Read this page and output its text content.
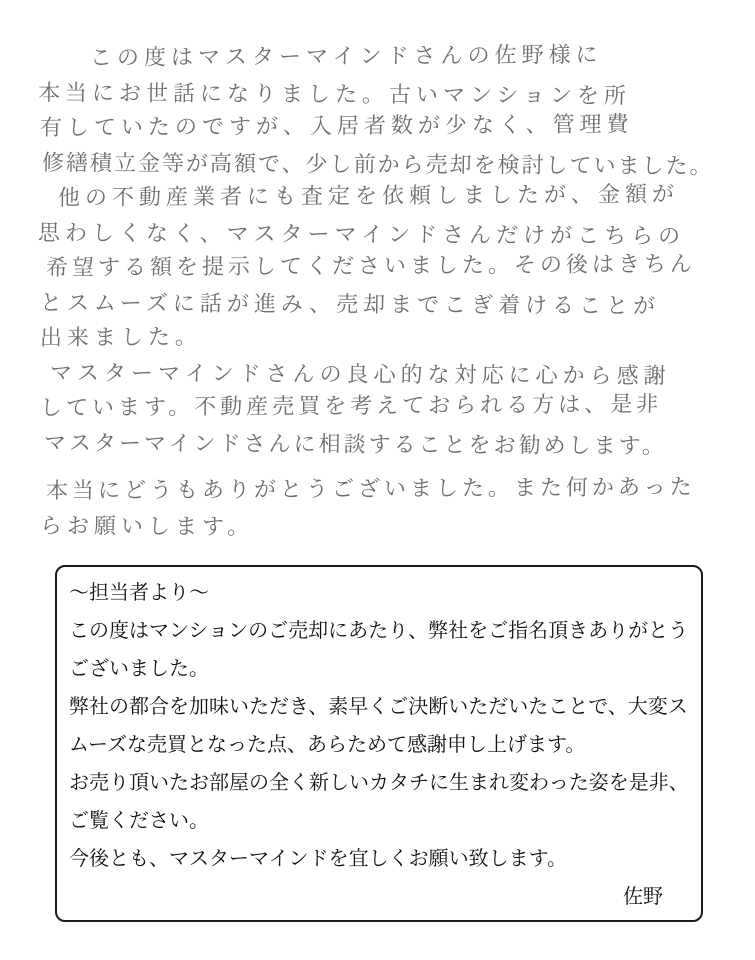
この度はマスターマインドさんの佐野様に
本当にお世話になりました。古いマンションを所
有していたのですが、入居者数が少なく、管理費
修繕積立金等が高額で、少し前から売却を検討していました。
他の不動産業者にも査定を依頼しましたが、金額が
思わしくなく、マスターマインドさんだけがこちらの
希望する額を提示してくださいました。その後はきちん
とスムーズに話が進み、売却までこぎ着けることが
出来ました。
マスターマインドさんの良心的な対応に心から感謝
しています。不動産売買を考えておられる方は、是非
マスターマインドさんに相談することをお勧めします。
本当にどうもありがとうございました。また何かあった
らお願いします。
～担当者より～
この度はマンションのご売却にあたり、弊社をご指名頂きありがとう
ございました。
弊社の都合を加味いただき、素早くご決断いただいたことで、大変ス
ムーズな売買となった点、あらためて感謝申し上げます。
お売り頂いたお部屋の全く新しいカタチに生まれ変わった姿を是非、
ご覧ください。
今後とも、マスターマインドを宜しくお願い致します。
佐野
